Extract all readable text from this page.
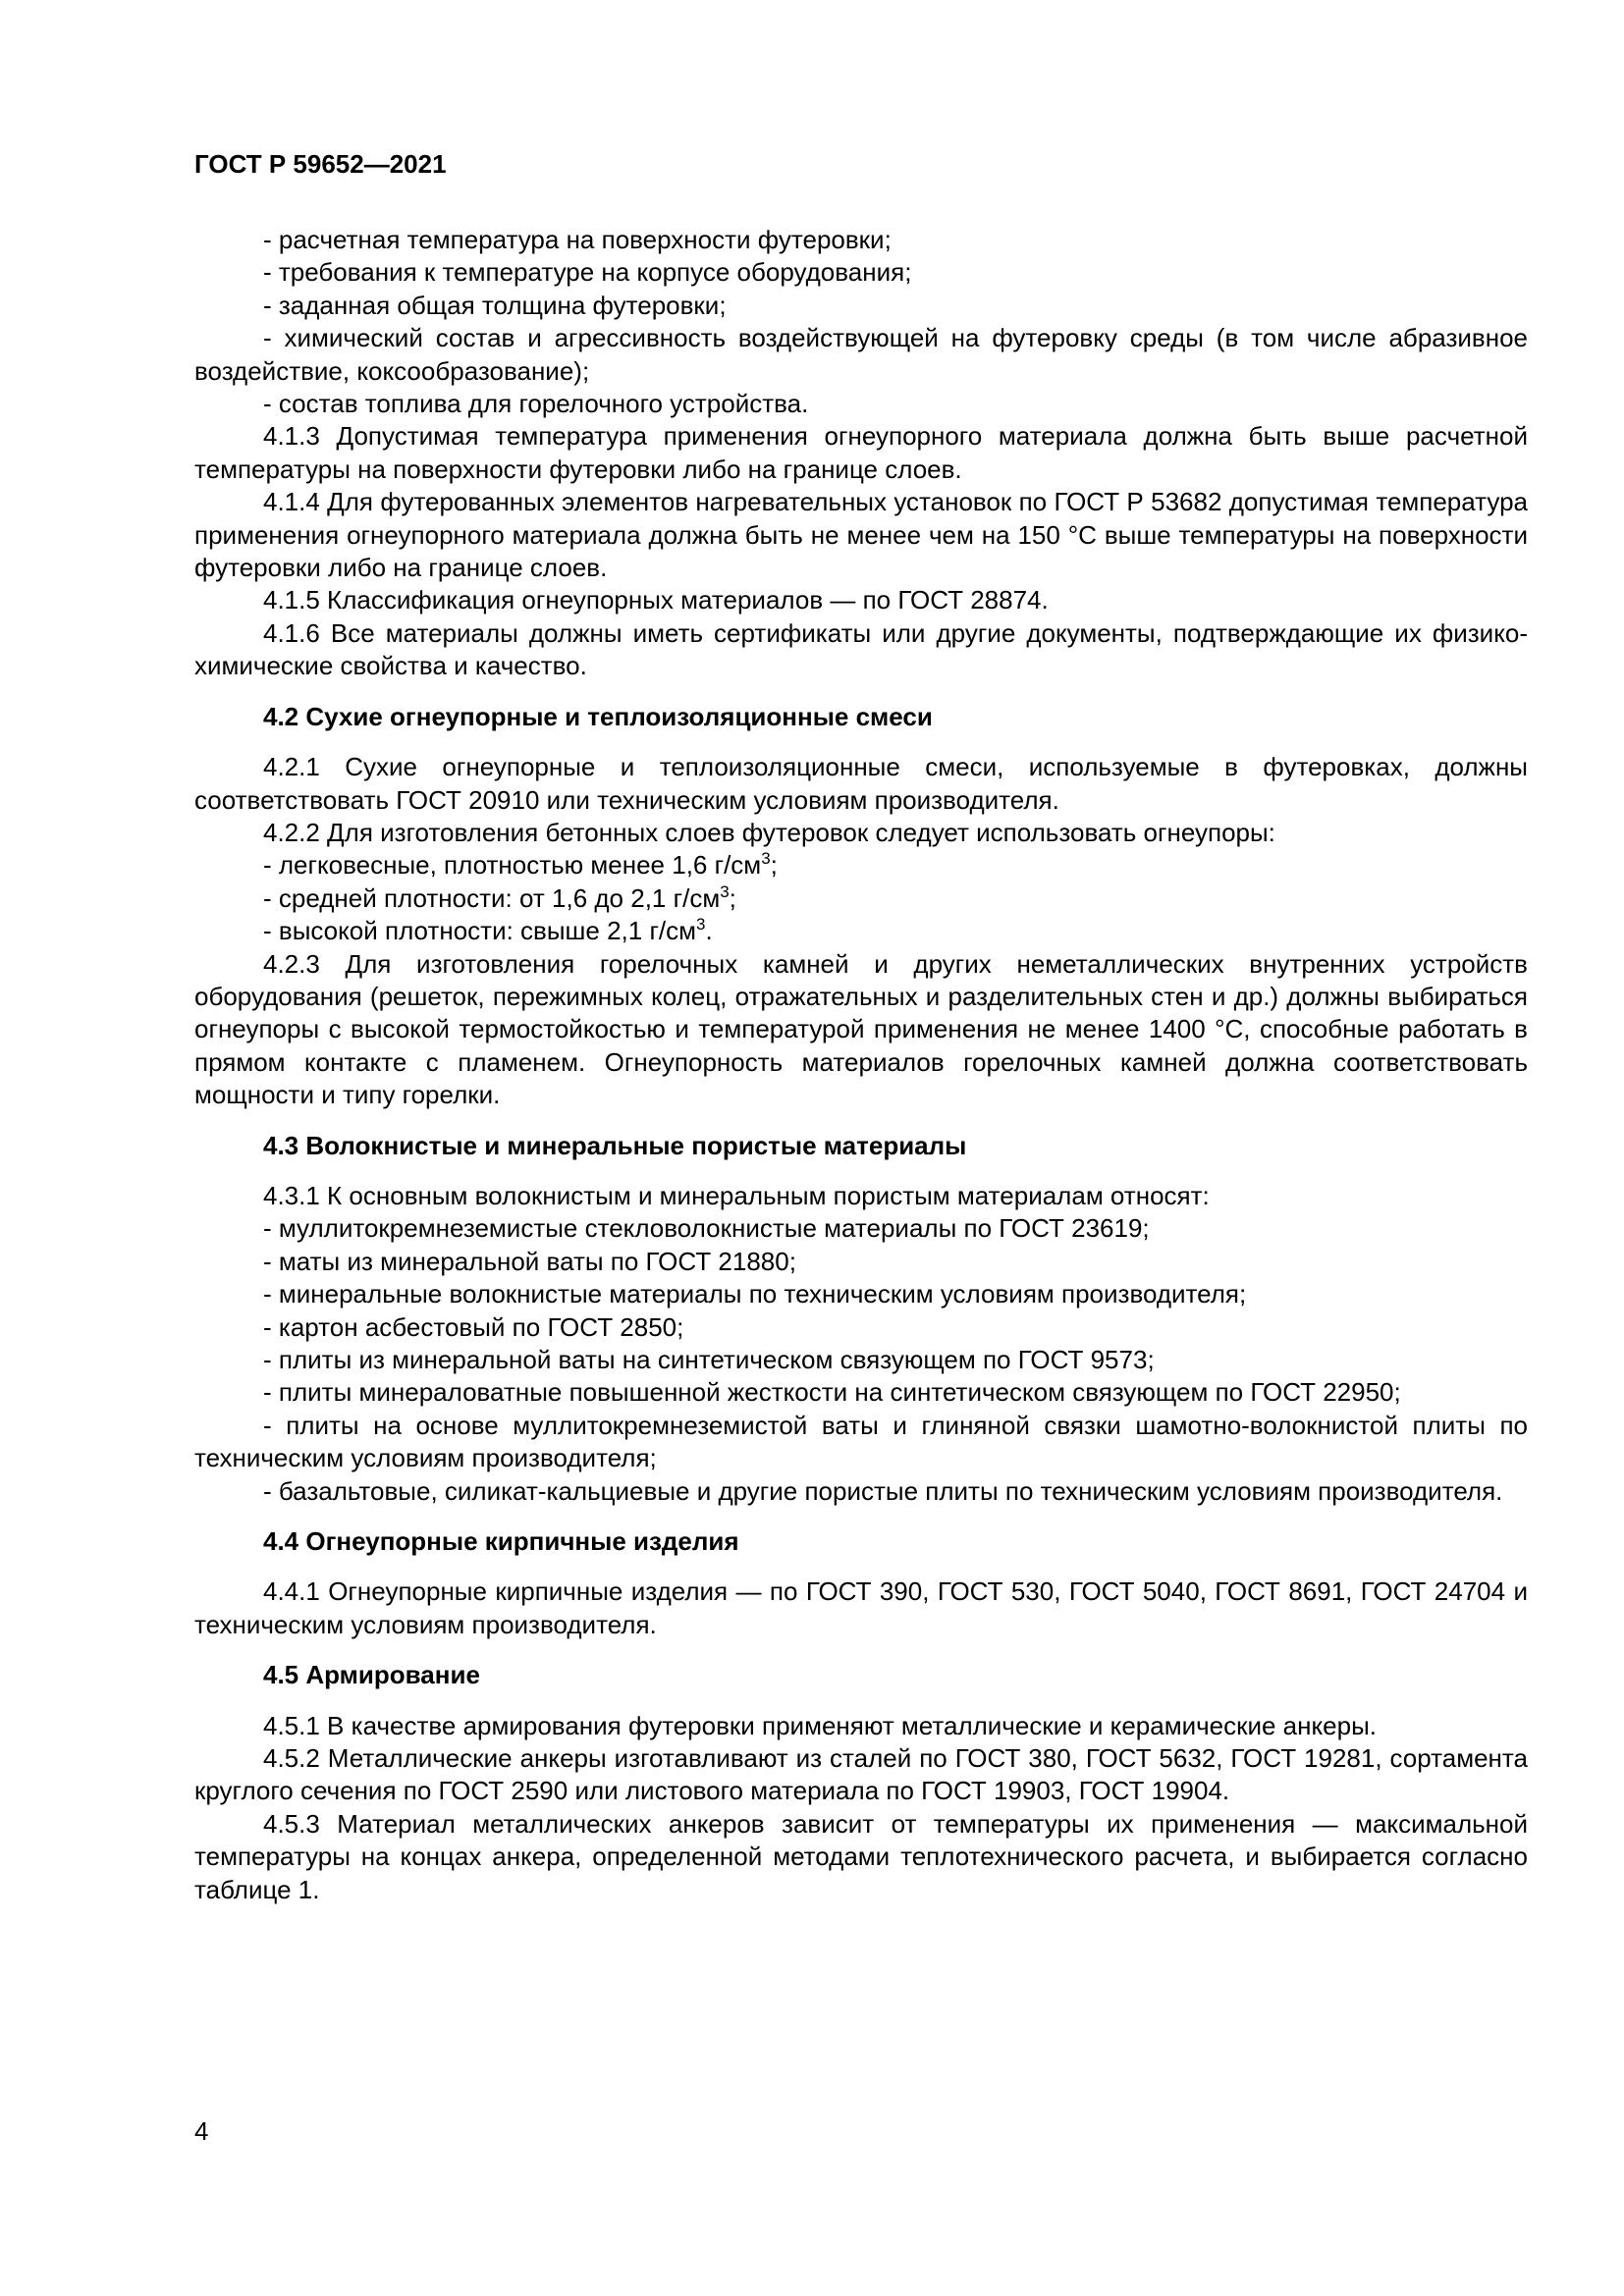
ГОСТ Р 59652—2021

- расчетная температура на поверхности футеровки;

- требования к температуре на корпусе оборудования;

- заданная общая толщина футеровки;

- химический состав и агрессивность воздействующей на футеровку среды (в том числе абразивное воздействие, коксообразование);

- состав топлива для горелочного устройства.

4.1.3 Допустимая температура применения огнеупорного материала должна быть выше расчетной температуры на поверхности футеровки либо на границе слоев.

4.1.4 Для футерованных элементов нагревательных установок по ГОСТ Р 53682 допустимая температура применения огнеупорного материала должна быть не менее чем на 150 °С выше температуры на поверхности футеровки либо на границе слоев.

4.1.5 Классификация огнеупорных материалов — по ГОСТ 28874.

4.1.6 Все материалы должны иметь сертификаты или другие документы, подтверждающие их физико-химические свойства и качество.

4.2 Сухие огнеупорные и теплоизоляционные смеси

4.2.1 Сухие огнеупорные и теплоизоляционные смеси, используемые в футеровках, должны соответствовать ГОСТ 20910 или техническим условиям производителя.

4.2.2 Для изготовления бетонных слоев футеровок следует использовать огнеупоры:

- легковесные, плотностью менее 1,6 $г/см^3$;

- средней плотности: от 1,6 до 2,1 $г/см^3$;

- высокой плотности: свыше 2,1 $г/см^3$.

4.2.3 Для изготовления горелочных камней и других неметаллических внутренних устройств оборудования (решеток, пережимных колец, отражательных и разделительных стен и др.) должны выбираться огнеупоры с высокой термостойкостью и температурой применения не менее 1400 °С, способные работать в прямом контакте с пламенем. Огнеупорность материалов горелочных камней должна соответствовать мощности и типу горелки.

4.3 Волокнистые и минеральные пористые материалы

4.3.1 К основным волокнистым и минеральным пористым материалам относят:

- муллитокремнеземистые стекловолокнистые материалы по ГОСТ 23619;

- маты из минеральной ваты по ГОСТ 21880;

- минеральные волокнистые материалы по техническим условиям производителя;

- картон асбестовый по ГОСТ 2850;

- плиты из минеральной ваты на синтетическом связующем по ГОСТ 9573;

- плиты минераловатные повышенной жесткости на синтетическом связующем по ГОСТ 22950;

- плиты на основе муллитокремнеземистой ваты и глиняной связки шамотно-волокнистой плиты по техническим условиям производителя;

- базальтовые, силикат-кальциевые и другие пористые плиты по техническим условиям производителя.

4.4 Огнеупорные кирпичные изделия

4.4.1 Огнеупорные кирпичные изделия — по ГОСТ 390, ГОСТ 530, ГОСТ 5040, ГОСТ 8691, ГОСТ 24704 и техническим условиям производителя.

4.5 Армирование

4.5.1 В качестве армирования футеровки применяют металлические и керамические анкеры.

4.5.2 Металлические анкеры изготавливают из сталей по ГОСТ 380, ГОСТ 5632, ГОСТ 19281, сортамента круглого сечения по ГОСТ 2590 или листового материала по ГОСТ 19903, ГОСТ 19904.

4.5.3 Материал металлических анкеров зависит от температуры их применения — максимальной температуры на концах анкера, определенной методами теплотехнического расчета, и выбирается согласно таблице 1.

4
